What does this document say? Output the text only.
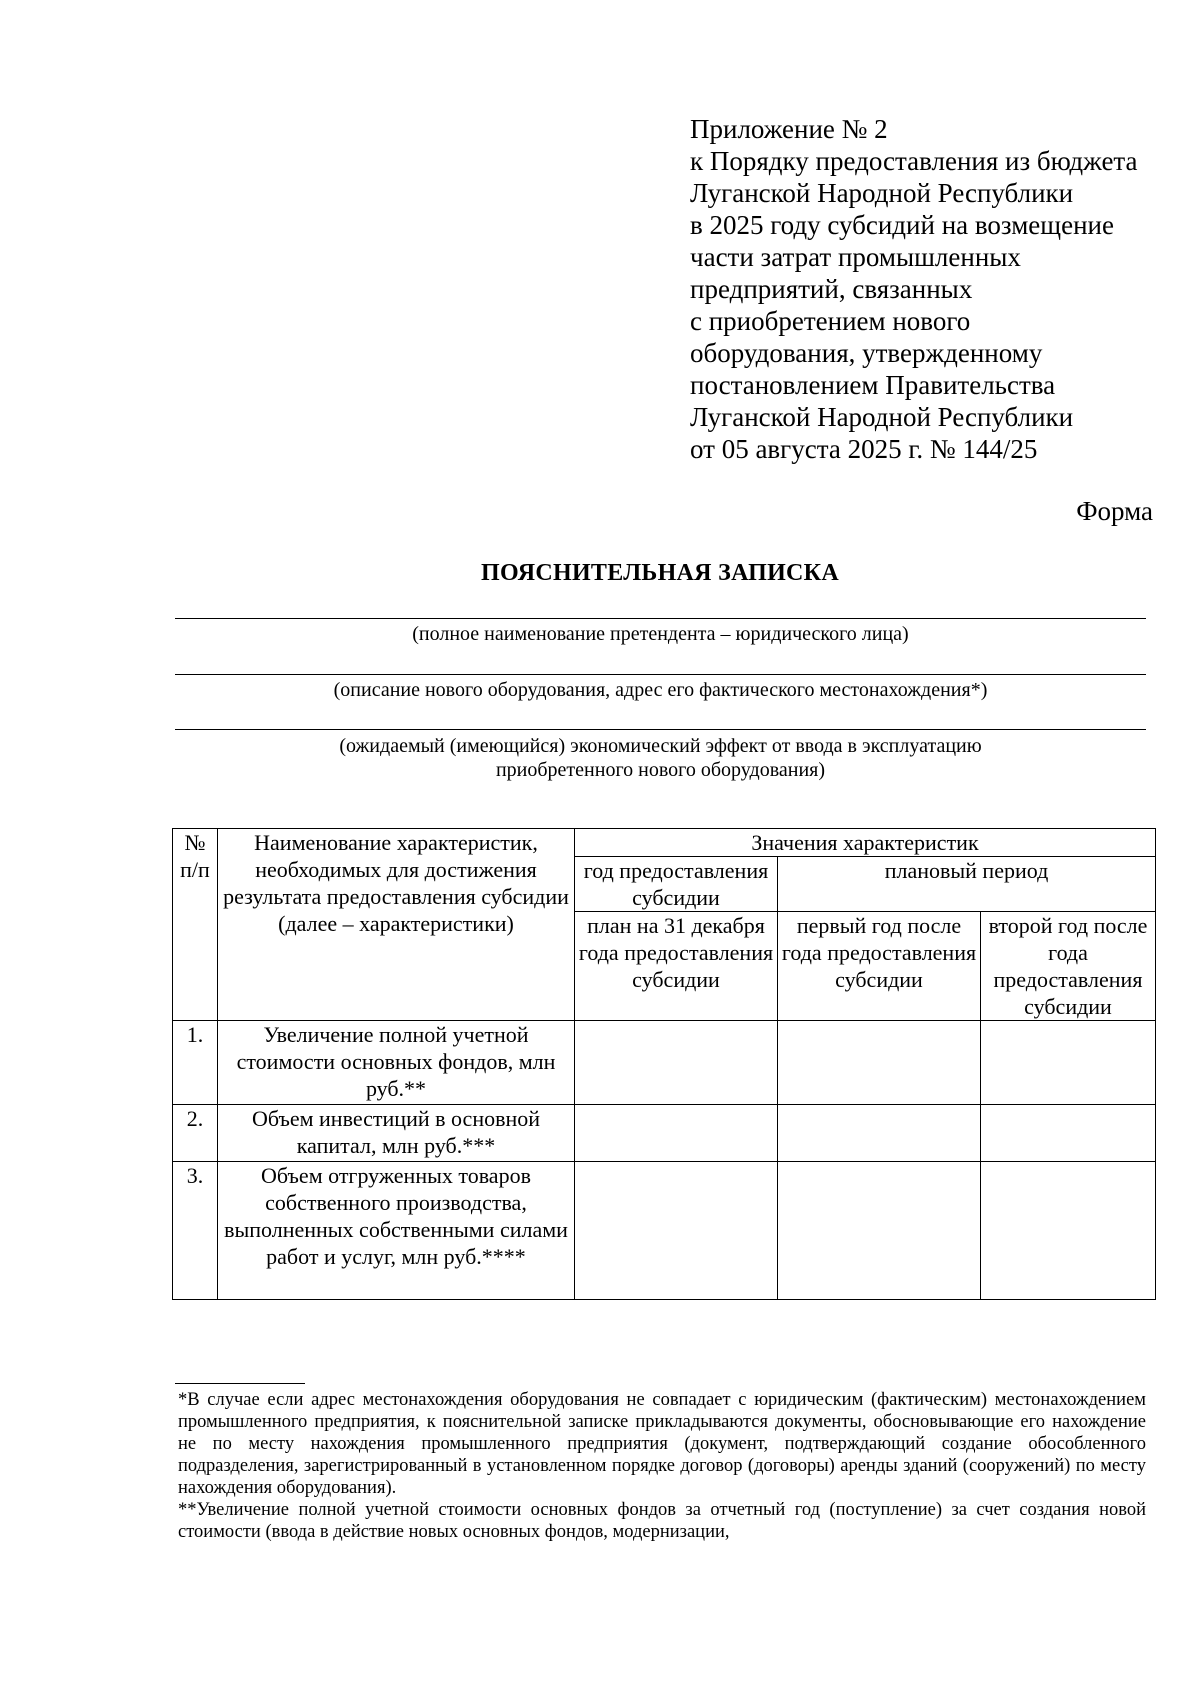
Приложение № 2
к Порядку предоставления из бюджета
Луганской Народной Республики
в 2025 году субсидий на возмещение
части затрат промышленных
предприятий, связанных
с приобретением нового
оборудования, утвержденному
постановлением Правительства
Луганской Народной Республики
от 05 августа 2025 г. № 144/25
Форма
ПОЯСНИТЕЛЬНАЯ ЗАПИСКА
(полное наименование претендента – юридического лица)
(описание нового оборудования, адрес его фактического местонахождения*)
(ожидаемый (имеющийся) экономический эффект от ввода в эксплуатацию
приобретенного нового оборудования)
№ п/п	Наименование характеристик, необходимых для достижения результата предоставления субсидии (далее – характеристики)	Значения характеристик		
		год предоставления субсидии	плановый период	
		план на 31 декабря года предоставления субсидии	первый год после года предоставления субсидии	второй год после года предоставления субсидии
1.	Увеличение полной учетной стоимости основных фондов, млн руб.**			
2.	Объем инвестиций в основной капитал, млн руб.***			
3.	Объем отгруженных товаров собственного производства, выполненных собственными силами работ и услуг, млн руб.****			

*В случае если адрес местонахождения оборудования не совпадает с юридическим (фактическим) местонахождением промышленного предприятия, к пояснительной записке прикладываются документы, обосновывающие его нахождение не по месту нахождения промышленного предприятия (документ, подтверждающий создание обособленного подразделения, зарегистрированный в установленном порядке договор (договоры) аренды зданий (сооружений) по месту нахождения оборудования).

**Увеличение полной учетной стоимости основных фондов за отчетный год (поступление) за счет создания новой стоимости (ввода в действие новых основных фондов, модернизации,
